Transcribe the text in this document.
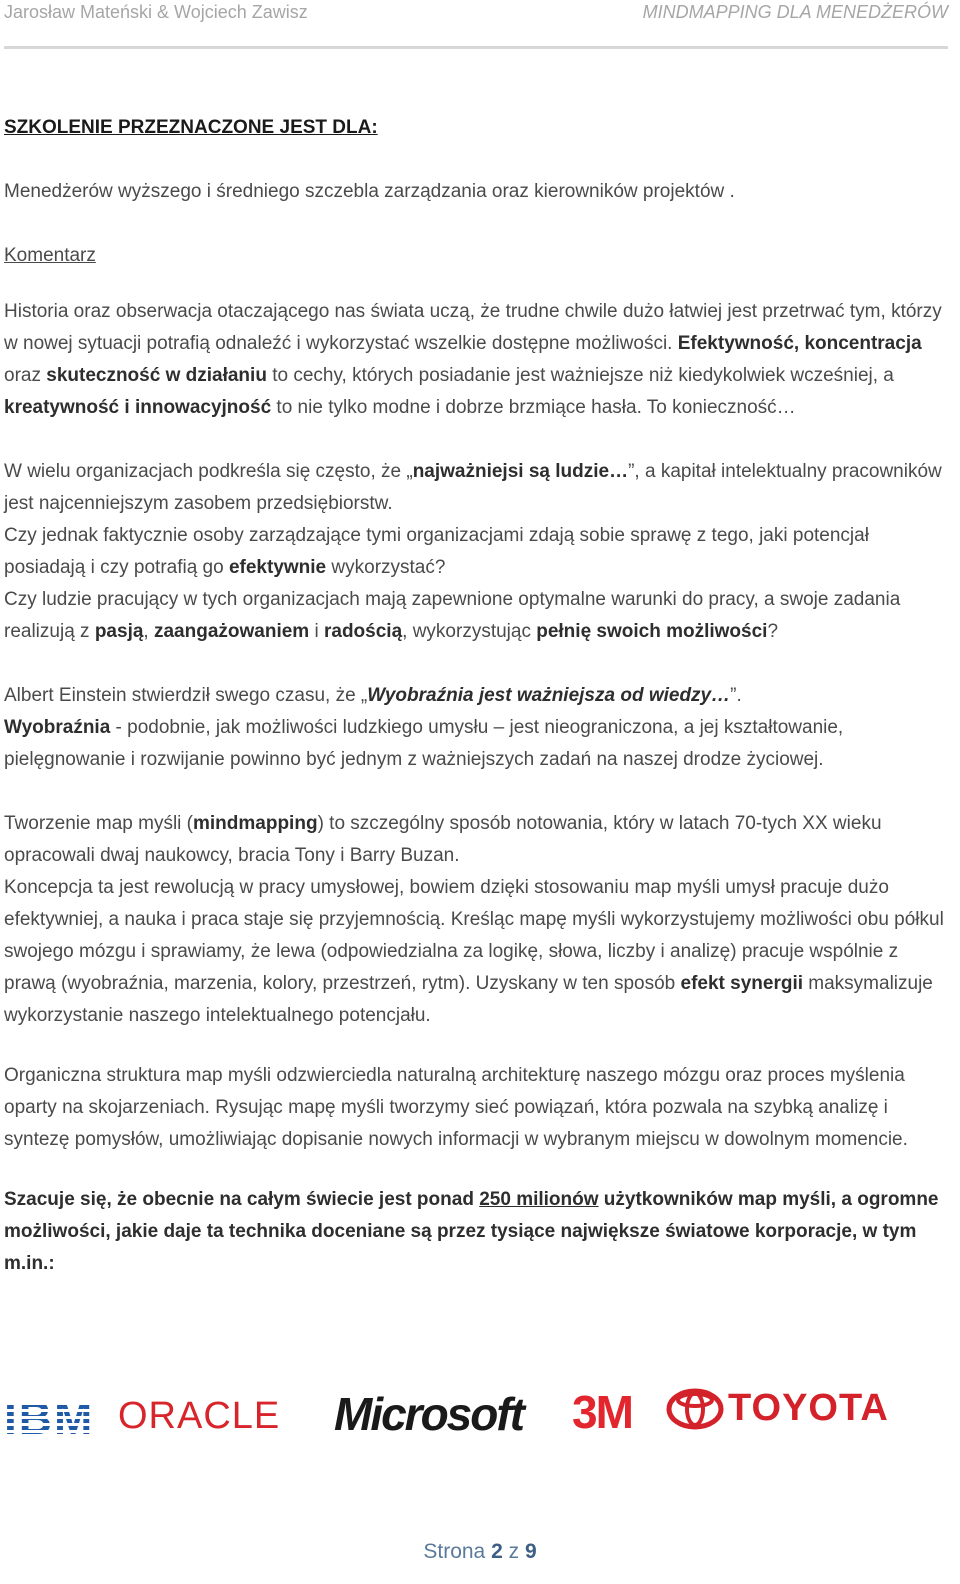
Jarosław Mateński & Wojciech Zawisz	MINDMAPPING DLA MENEDŻERÓW

SZKOLENIE PRZEZNACZONE JEST DLA:

Menedżerów wyższego i średniego szczebla zarządzania oraz kierowników projektów .

Komentarz

Historia oraz obserwacja otaczającego nas świata uczą, że trudne chwile dużo łatwiej jest przetrwać tym, którzy w nowej sytuacji potrafią odnaleźć i wykorzystać wszelkie dostępne możliwości. Efektywność, koncentracja oraz skuteczność w działaniu to cechy, których posiadanie jest ważniejsze niż kiedykolwiek wcześniej, a kreatywność i innowacyjność to nie tylko modne i dobrze brzmiące hasła. To konieczność…

W wielu organizacjach podkreśla się często, że „najważniejsi są ludzie…”, a kapitał intelektualny pracowników jest najcenniejszym zasobem przedsiębiorstw.

Czy jednak faktycznie osoby zarządzające tymi organizacjami zdają sobie sprawę z tego, jaki potencjał posiadają i czy potrafią go efektywnie wykorzystać?

Czy ludzie pracujący w tych organizacjach mają zapewnione optymalne warunki do pracy, a swoje zadania realizują z pasją, zaangażowaniem i radością, wykorzystując pełnię swoich możliwości?

Albert Einstein stwierdził swego czasu, że „Wyobraźnia jest ważniejsza od wiedzy…”.

Wyobraźnia - podobnie, jak możliwości ludzkiego umysłu – jest nieograniczona, a jej kształtowanie, pielęgnowanie i rozwijanie powinno być jednym z ważniejszych zadań na naszej drodze życiowej.

Tworzenie map myśli (mindmapping) to szczególny sposób notowania, który w latach 70-tych XX wieku opracowali dwaj naukowcy, bracia Tony i Barry Buzan.

Koncepcja ta jest rewolucją w pracy umysłowej, bowiem dzięki stosowaniu map myśli umysł pracuje dużo efektywniej, a nauka i praca staje się przyjemnością. Kreśląc mapę myśli wykorzystujemy możliwości obu półkul swojego mózgu i sprawiamy, że lewa (odpowiedzialna za logikę, słowa, liczby i analizę) pracuje wspólnie z prawą (wyobraźnia, marzenia, kolory, przestrzeń, rytm). Uzyskany w ten sposób efekt synergii maksymalizuje wykorzystanie naszego intelektualnego potencjału.

Organiczna struktura map myśli odzwierciedla naturalną architekturę naszego mózgu oraz proces myślenia oparty na skojarzeniach. Rysując mapę myśli tworzymy sieć powiązań, która pozwala na szybką analizę i syntezę pomysłów, umożliwiając dopisanie nowych informacji w wybranym miejscu w dowolnym momencie.

Szacuje się, że obecnie na całym świecie jest ponad 250 milionów użytkowników map myśli, a ogromne możliwości, jakie daje ta technika doceniane są przez tysiące największe światowe korporacje, w tym m.in.:

IBM ORACLE Microsoft 3M	TOYOTA
Strona 2 z 9
